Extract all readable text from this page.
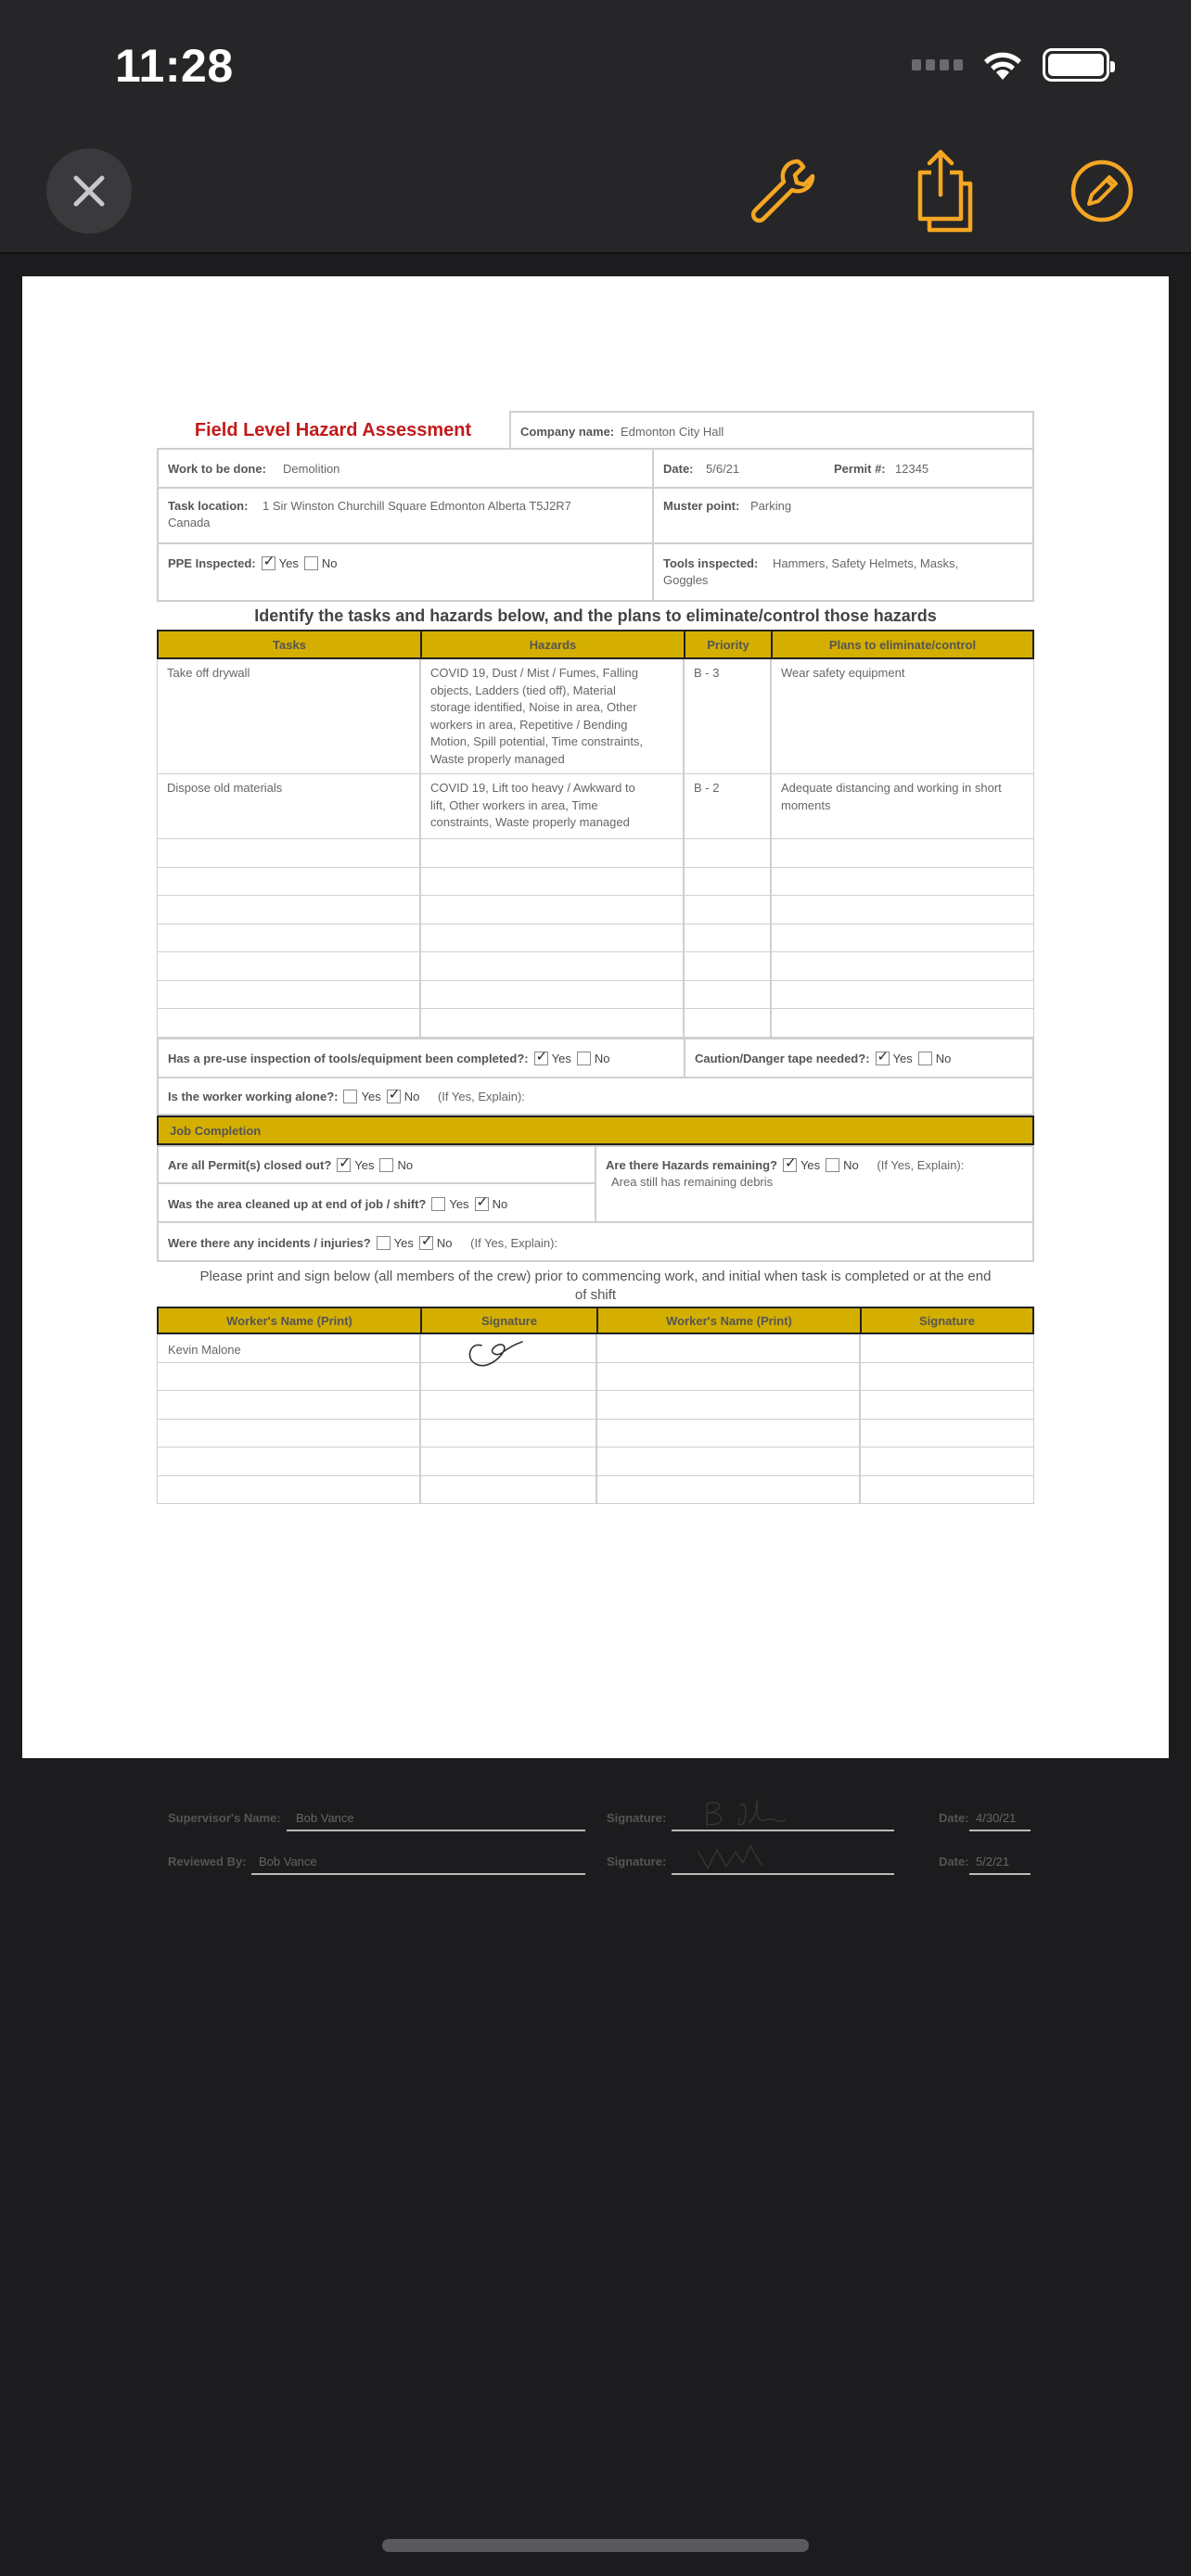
11:28
Field Level Hazard Assessment	Company name: Edmonton City Hall
Work to be done: Demolition	Date: 5/6/21	Permit #: 12345
Task location: 1 Sir Winston Churchill Square Edmonton Alberta T5J2R7
Canada
Muster point: Parking
PPE Inspected: ✓ Yes No	Tools inspected: Hammers, Safety Helmets, Masks,
Goggles
Identify the tasks and hazards below, and the plans to eliminate/control those hazards
Tasks	Hazards	Priority	Plans to eliminate/control
Take off drywall	COVID 19, Dust / Mist / Fumes, Falling
objects, Ladders (tied off), Material
storage identified, Noise in area, Other
workers in area, Repetitive / Bending
Motion, Spill potential, Time constraints,
Waste properly managed
B - 3	Wear safety equipment
Dispose old materials	COVID 19, Lift too heavy / Awkward to
lift, Other workers in area, Time
constraints, Waste properly managed
B - 2	Adequate distancing and working in short
moments
Has a pre-use inspection of tools/equipment been completed?: ✓ Yes No	Caution/Danger tape needed?: ✓ Yes No
Is the worker working alone?: Yes ✓ No (If Yes, Explain):
Job Completion
Are all Permit(s) closed out? ✓ Yes No	Are there Hazards remaining? ✓ Yes No (If Yes, Explain):
Area still has remaining debris
Was the area cleaned up at end of job / shift? Yes ✓ No
Were there any incidents / injuries? Yes ✓ No (If Yes, Explain):
Please print and sign below (all members of the crew) prior to commencing work, and initial when task is completed or at the end
of shift
Worker's Name (Print)	Signature	Worker's Name (Print)	Signature
Kevin Malone
Supervisor's Name: Bob Vance	Signature:	Date: 4/30/21
Reviewed By: Bob Vance	Signature:	Date: 5/2/21
